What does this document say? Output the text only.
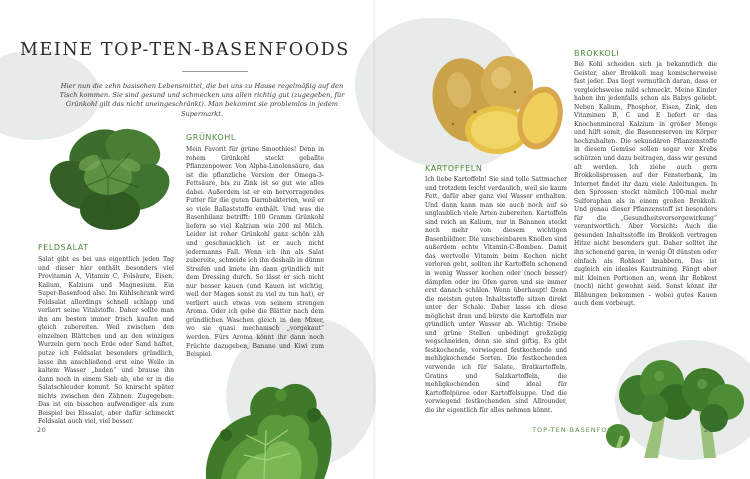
MEINE TOP-TEN-BASENFOODS
Hier nun die zehn basischen Lebensmittel, die bei uns zu Hause regelmäßig auf den Tisch kommen. Sie sind gesund und schmecken uns allen richtig gut (zugegeben, für Grünkohl gilt das nicht uneingeschränkt). Man bekommt sie problemlos in jedem Supermarkt.
FELDSALAT
Salat gibt es bei uns eigentlich jeden Tag und dieser hier enthält besonders viel Provitamin A, Vitamin C, Folsäure, Eisen, Kalium, Kalzium und Magnesium. Ein Super-Basenfood also. Im Kühlschrank wird Feldsalat allerdings schnell schlapp und verliert seine Vitalstoffe. Daher sollte man ihn am besten immer frisch kaufen und gleich zubereiten. Weil zwischen den einzelnen Blättchen und an den winzigen Wurzeln gern noch Erde oder Sand haftet, putze ich Feldsalat besonders gründlich, lasse ihn anschließend erst eine Weile in kaltem Wasser „baden“ und brause ihn dann noch in einem Sieb ab, ehe er in die Salatschleuder kommt. So knirscht später nichts zwischen den Zähnen. Zugegeben: Das ist ein bisschen aufwendiger als zum Beispiel bei Eissalat, aber dafür schmeckt Feldsalat auch viel, viel besser.
GRÜNKOHL
Mein Favorit für grüne Smoothies! Denn in rohem Grünkohl steckt geballte Pflanzenpower. Von Alpha-Linolensäure, das ist die pflanzliche Version der Omega-3-Fettsäure, bis zu Zink ist so gut wie alles dabei. Außerdem ist er ein hervorragendes Futter für die guten Darmbakterien, weil er so viele Ballaststoffe enthält. Und was die Basenbilanz betrifft: 100 Gramm Grünkohl liefern so viel Kalzium wie 200 ml Milch. Leider ist roher Grünkohl ganz schön zäh und geschmacklich ist er auch nicht jedermanns Fall. Wenn ich ihn als Salat zubereite, schneide ich ihn deshalb in dünne Streifen und knete ihn dann gründlich mit dem Dressing durch. So lässt er sich nicht nur besser kauen (und Kauen ist wichtig, weil der Magen sonst zu viel zu tun hat), er verliert auch etwas von seinem strengen Aroma. Oder ich gebe die Blätter nach dem gründlichen Waschen gleich in den Mixer, wo sie quasi mechanisch „vorgekaut“ werden. Fürs Aroma könnt ihr dann noch Früchte dazugeben, Banane und Kiwi zum Beispiel.
KARTOFFELN
Ich liebe Kartoffeln! Sie sind tolle Sattmacher und trotzdem leicht verdaulich, weil sie kaum Fett, dafür aber ganz viel Wasser enthalten. Und dann kann man sie auch noch auf so unglaublich viele Arten zubereiten. Kartoffeln sind reich an Kalium, nur in Bananen steckt noch mehr von diesem wichtigen Basenbildner. Die unscheinbaren Knollen sind außerdem echte Vitamin-C-Bomben. Damit das wertvolle Vitamin beim Kochen nicht verloren geht, sollten ihr Kartoffeln schonend in wenig Wasser kochen oder (noch besser) dämpfen oder im Ofen garen und sie immer erst danach schälen. Wenn überhaupt! Denn die meisten guten Inhaltsstoffe sitzen direkt unter der Schale. Daher lasse ich diese möglichst dran und bürste die Kartoffeln nur gründlich unter Wasser ab. Wichtig: Triebe und grüne Stellen unbedingt großzügig wegschneiden, denn sie sind giftig. Es gibt festkochende, vorwiegend festkochende und mehligkochende Sorten. Die festkochenden verwende ich für Salate, Bratkartoffeln, Gratins und Salzkartoffeln, die mehligkochenden sind ideal für Kartoffelpüree oder Kartoffelsuppe. Und die vorwiegend festkochenden sind Allrounder, die ihr eigentlich für alles nehmen könnt.
BROKKOLI
Bei Kohl scheiden sich ja bekanntlich die Geister, aber Brokkoli mag komischerweise fast jeder. Das liegt vermutlich daran, dass er vergleichsweise mild schmeckt. Meine Kinder haben ihn jedenfalls schon als Babys geliebt. Neben Kalium, Phosphor, Eisen, Zink, den Vitaminen B, C und E liefert er das Knochenmineral Kalzium in großer Menge und hilft somit, die Basenreserven im Körper hochzuhalten. Die sekundären Pflanzenstoffe in diesem Gemüse sollen sogar vor Krebs schützen und dazu beitragen, dass wir gesund alt werden. Ich ziehe auch gern Brokkolisprossen auf der Fensterbank, im Internet findet ihr dazu viele Anleitungen. In den Sprossen steckt nämlich 100-mal mehr Sulforaphan als in einem großen Brokkoli. Und genau dieser Pflanzenstoff ist besonders für die „Gesundheitsvorsorgewirkung“ verantwortlich. Aber Vorsicht: Auch die gesunden Inhaltsstoffe im Brokkoli vertragen Hitze nicht besonders gut. Daher solltet ihr ihn schonend garen, in wenig Öl dünsten oder einfach als Rohkost knabbern. Das ist zugleich ein ideales Kautraining. Fängt aber mit kleinen Portionen an, wenn ihr Rohkost (noch) nicht gewohnt seid. Sonst könnt ihr Blähungen bekommen – wobei gutes Kauen auch dem vorbeugt.
20	TOP-TEN-BASENFOODS	21
